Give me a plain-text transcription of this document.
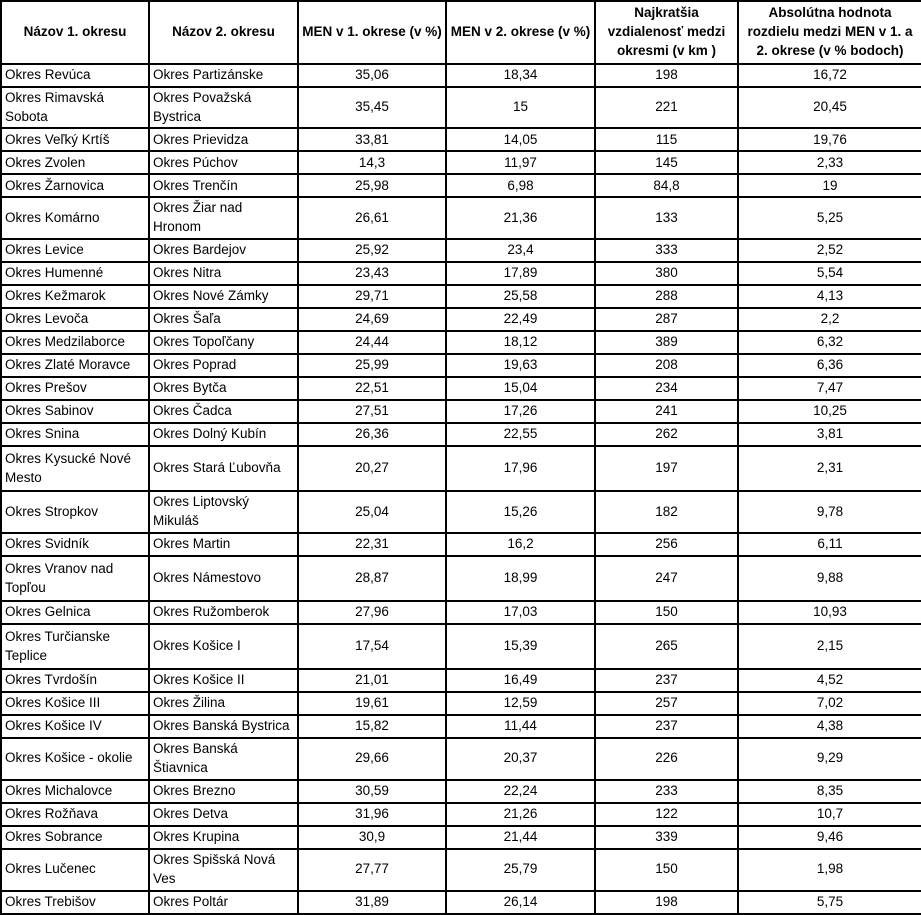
Názov 1. okresu	Názov 2. okresu	MEN v 1. okrese (v %)	MEN v 2. okrese (v %)	Najkratšia vzdialenosť medzi okresmi (v km )	Absolútna hodnota rozdielu medzi MEN v 1. a 2. okrese (v % bodoch)
Okres Revúca	Okres Partizánske	35,06	18,34	198	16,72
Okres Rimavská Sobota	Okres Považská Bystrica	35,45	15	221	20,45
Okres Veľký Krtíš	Okres Prievidza	33,81	14,05	115	19,76
Okres Zvolen	Okres Púchov	14,3	11,97	145	2,33
Okres Žarnovica	Okres Trenčín	25,98	6,98	84,8	19
Okres Komárno	Okres Žiar nad Hronom	26,61	21,36	133	5,25
Okres Levice	Okres Bardejov	25,92	23,4	333	2,52
Okres Humenné	Okres Nitra	23,43	17,89	380	5,54
Okres Kežmarok	Okres Nové Zámky	29,71	25,58	288	4,13
Okres Levoča	Okres Šaľa	24,69	22,49	287	2,2
Okres Medzilaborce	Okres Topoľčany	24,44	18,12	389	6,32
Okres Zlaté Moravce	Okres Poprad	25,99	19,63	208	6,36
Okres Prešov	Okres Bytča	22,51	15,04	234	7,47
Okres Sabinov	Okres Čadca	27,51	17,26	241	10,25
Okres Snina	Okres Dolný Kubín	26,36	22,55	262	3,81
Okres Kysucké Nové Mesto	Okres Stará Ľubovňa	20,27	17,96	197	2,31
Okres Stropkov	Okres Liptovský Mikuláš	25,04	15,26	182	9,78
Okres Svidník	Okres Martin	22,31	16,2	256	6,11
Okres Vranov nad Topľou	Okres Námestovo	28,87	18,99	247	9,88
Okres Gelnica	Okres Ružomberok	27,96	17,03	150	10,93
Okres Turčianske Teplice	Okres Košice I	17,54	15,39	265	2,15
Okres Tvrdošín	Okres Košice II	21,01	16,49	237	4,52
Okres Košice III	Okres Žilina	19,61	12,59	257	7,02
Okres Košice IV	Okres Banská Bystrica	15,82	11,44	237	4,38
Okres Košice - okolie	Okres Banská Štiavnica	29,66	20,37	226	9,29
Okres Michalovce	Okres Brezno	30,59	22,24	233	8,35
Okres Rožňava	Okres Detva	31,96	21,26	122	10,7
Okres Sobrance	Okres Krupina	30,9	21,44	339	9,46
Okres Lučenec	Okres Spišská Nová Ves	27,77	25,79	150	1,98
Okres Trebišov	Okres Poltár	31,89	26,14	198	5,75
